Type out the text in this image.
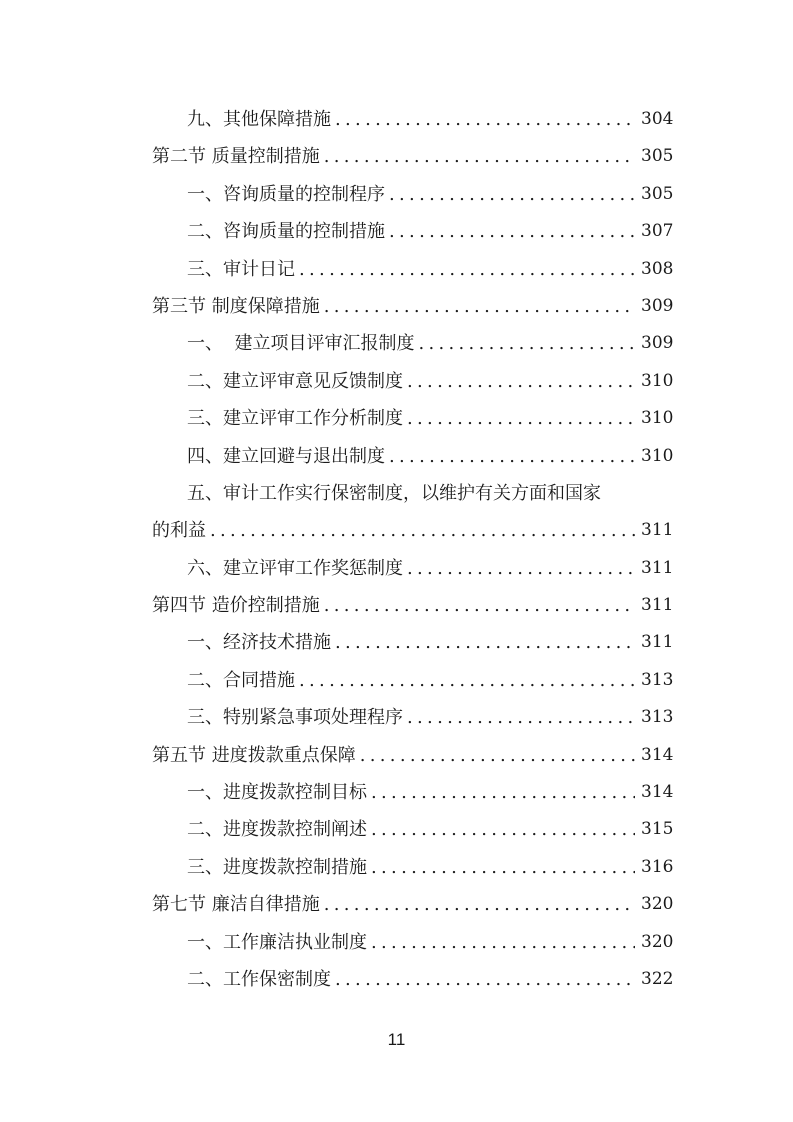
九、其他保障措施 .....	304
第二节 质量控制措施 .....	305
一、咨询质量的控制程序 .....	305
二、咨询质量的控制措施 .....	307
三、审计日记 .....	308
第三节 制度保障措施 .....	309
一、  建立项目评审汇报制度 .....	309
二、建立评审意见反馈制度 .....	310
三、建立评审工作分析制度 .....	310
四、建立回避与退出制度 .....	310
五、审计工作实行保密制度，以维护有关方面和国家
的利益 .....	311
六、建立评审工作奖惩制度 .....	311
第四节 造价控制措施 .....	311
一、经济技术措施 .....	311
二、合同措施 .....	313
三、特别紧急事项处理程序 .....	313
第五节 进度拨款重点保障 .....	314
一、进度拨款控制目标 .....	314
二、进度拨款控制阐述 .....	315
三、进度拨款控制措施 .....	316
第七节 廉洁自律措施 .....	320
一、工作廉洁执业制度 .....	320
二、工作保密制度 .....	322
11
